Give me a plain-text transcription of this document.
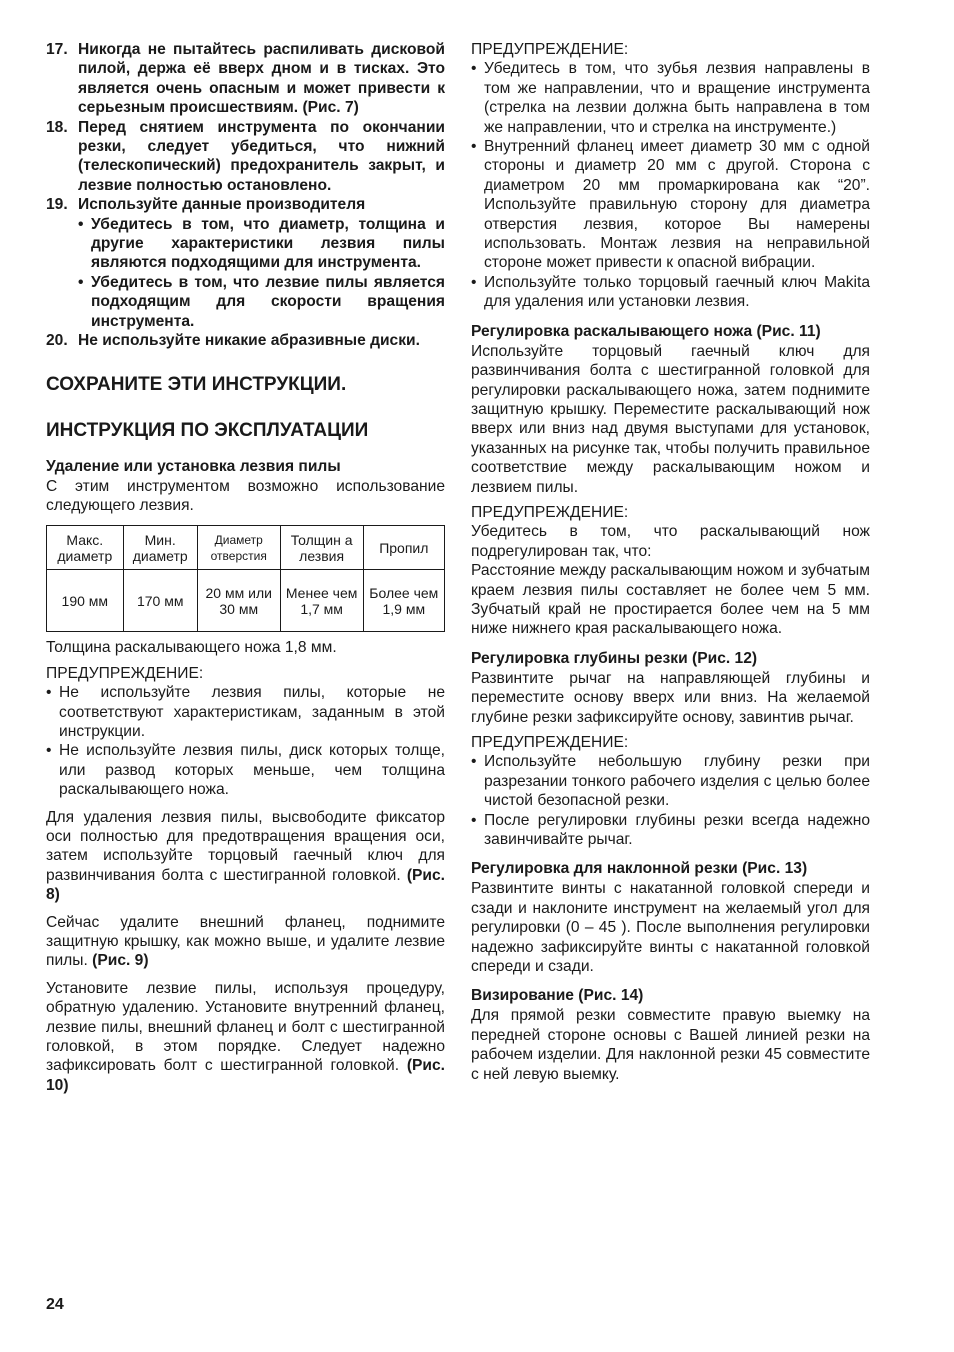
17. Никогда не пытайтесь распиливать дисковой пилой, держа её вверх дном и в тисках. Это является очень опасным и может привести к серьезным происшествиям. (Рис. 7)
18. Перед снятием инструмента по окончании резки, следует убедиться, что нижний (телескопический) предохранитель закрыт, и лезвие полностью остановлено.
19. Используйте данные производителя
• Убедитесь в том, что диаметр, толщина и другие характеристики лезвия пилы являются подходящими для инструмента.
• Убедитесь в том, что лезвие пилы является подходящим для скорости вращения инструмента.
20. Не используйте никакие абразивные диски.
СОХРАНИТЕ ЭТИ ИНСТРУКЦИИ.
ИНСТРУКЦИЯ ПО ЭКСПЛУАТАЦИИ
Удаление или установка лезвия пилы

С этим инструментом возможно использование следующего лезвия.

Макс. диаметр	Мин. диаметр	Диаметр отверстия	Толщин а лезвия	Пропил
190 мм	170 мм	20 мм или 30 мм	Менее чем 1,7 мм	Более чем 1,9 мм

Толщина раскалывающего ножа 1,8 мм.

ПРЕДУПРЕЖДЕНИЕ:
• Не используйте лезвия пилы, которые не соответствуют характеристикам, заданным в этой инструкции.
• Не используйте лезвия пилы, диск которых толще, или развод которых меньше, чем толщина раскалывающего ножа.

Для удаления лезвия пилы, высвободите фиксатор оси полностью для предотвращения вращения оси, затем используйте торцовый гаечный ключ для развинчивания болта с шестигранной головкой. (Рис. 8)

Сейчас удалите внешний фланец, поднимите защитную крышку, как можно выше, и удалите лезвие пилы. (Рис. 9)

Установите лезвие пилы, используя процедуру, обратную удалению. Установите внутренний фланец, лезвие пилы, внешний фланец и болт с шестигранной головкой, в этом порядке. Следует надежно зафиксировать болт с шестигранной головкой. (Рис. 10)

ПРЕДУПРЕЖДЕНИЕ:
• Убедитесь в том, что зубья лезвия направлены в том же направлении, что и вращение инструмента (стрелка на лезвии должна быть направлена в том же направлении, что и стрелка на инструменте.)
• Внутренний фланец имеет диаметр 30 мм с одной стороны и диаметр 20 мм с другой. Сторона с диаметром 20 мм промаркирована как “20”. Используйте правильную сторону для диаметра отверстия лезвия, которое Вы намерены использовать. Монтаж лезвия на неправильной стороне может привести к опасной вибрации.
• Используйте только торцовый гаечный ключ Makita для удаления или установки лезвия.
Регулировка раскалывающего ножа (Рис. 11)

Используйте торцовый гаечный ключ для развинчивания болта с шестигранной головкой для регулировки раскалывающего ножа, затем поднимите защитную крышку. Переместите раскалывающий нож вверх или вниз над двумя выступами для установок, указанных на рисунке так, чтобы получить правильное соответствие между раскалывающим ножом и лезвием пилы.

ПРЕДУПРЕЖДЕНИЕ:

Убедитесь в том, что раскалывающий нож подрегулирован так, что:

Расстояние между раскалывающим ножом и зубчатым краем лезвия пилы составляет не более чем 5 мм. Зубчатый край не простирается более чем на 5 мм ниже нижнего края раскалывающего ножа.

Регулировка глубины резки (Рис. 12)

Развинтите рычаг на направляющей глубины и переместите основу вверх или вниз. На желаемой глубине резки зафиксируйте основу, завинтив рычаг.

ПРЕДУПРЕЖДЕНИЕ:
• Используйте небольшую глубину резки при разрезании тонкого рабочего изделия с целью более чистой безопасной резки.
• После регулировки глубины резки всегда надежно завинчивайте рычаг.
Регулировка для наклонной резки (Рис. 13)

Развинтите винты с накатанной головкой спереди и сзади и наклоните инструмент на желаемый угол для регулировки (0 – 45 ). После выполнения регулировки надежно зафиксируйте винты с накатанной головкой спереди и сзади.

Визирование (Рис. 14)

Для прямой резки совместите правую выемку на передней стороне основы с Вашей линией резки на рабочем изделии. Для наклонной резки 45 совместите с ней левую выемку.

24
